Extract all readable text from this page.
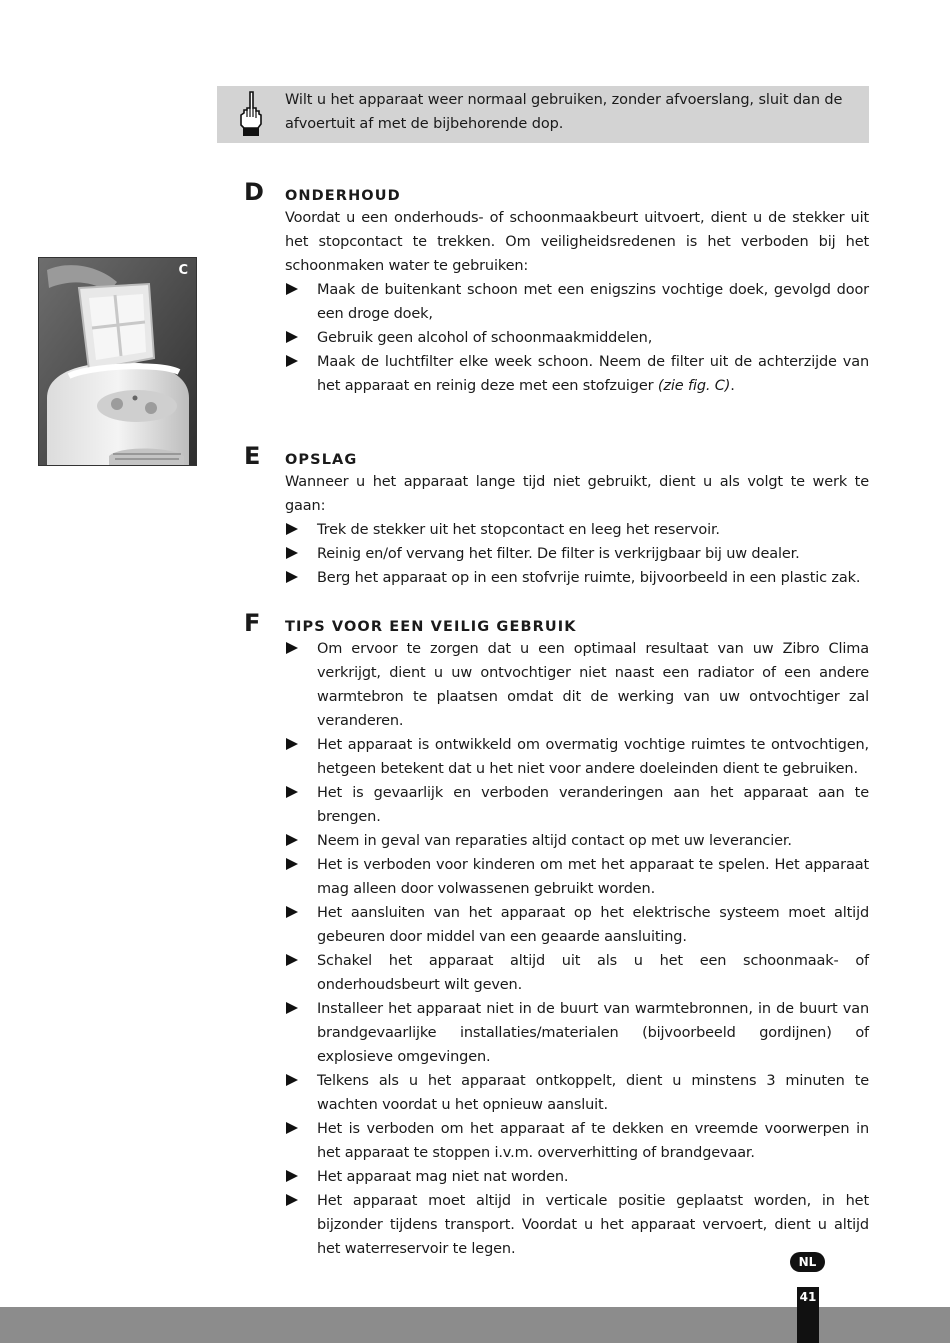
Wilt u het apparaat weer normaal gebruiken, zonder afvoerslang, sluit dan de afvoertuit af met de bijbehorende dop.
C
D ONDERHOUD

Voordat u een onderhouds- of schoonmaakbeurt uitvoert, dient u de stekker uit het stopcontact te trekken. Om veiligheidsredenen is het verboden bij het schoonmaken water te gebruiken:

Maak de buitenkant schoon met een enigszins vochtige doek, gevolgd door een droge doek,
Gebruik geen alcohol of schoonmaakmiddelen,
Maak de luchtfilter elke week schoon. Neem de filter uit de achterzijde van het apparaat en reinig deze met een stofzuiger (zie fig. C).
E OPSLAG

Wanneer u het apparaat lange tijd niet gebruikt, dient u als volgt te werk te gaan:

Trek de stekker uit het stopcontact en leeg het reservoir.
Reinig en/of vervang het filter. De filter is verkrijgbaar bij uw dealer.
Berg het apparaat op in een stofvrije ruimte, bijvoorbeeld in een plastic zak.
F TIPS VOOR EEN VEILIG GEBRUIK
Om ervoor te zorgen dat u een optimaal resultaat van uw Zibro Clima verkrijgt, dient u uw ontvochtiger niet naast een radiator of een andere warmtebron te plaatsen omdat dit de werking van uw ontvochtiger zal veranderen.
Het apparaat is ontwikkeld om overmatig vochtige ruimtes te ontvochtigen, hetgeen betekent dat u het niet voor andere doeleinden dient te gebruiken.
Het is gevaarlijk en verboden veranderingen aan het apparaat aan te brengen.
Neem in geval van reparaties altijd contact op met uw leverancier.
Het is verboden voor kinderen om met het apparaat te spelen. Het apparaat mag alleen door volwassenen gebruikt worden.
Het aansluiten van het apparaat op het elektrische systeem moet altijd gebeuren door middel van een geaarde aansluiting.
Schakel het apparaat altijd uit als u het een schoonmaak- of onderhoudsbeurt wilt geven.
Installeer het apparaat niet in de buurt van warmtebronnen, in de buurt van brandgevaarlijke installaties/materialen (bijvoorbeeld gordijnen) of explosieve omgevingen.
Telkens als u het apparaat ontkoppelt, dient u minstens 3 minuten te wachten voordat u het opnieuw aansluit.
Het is verboden om het apparaat af te dekken en vreemde voorwerpen in het apparaat te stoppen i.v.m. oververhitting of brandgevaar.
Het apparaat mag niet nat worden.
Het apparaat moet altijd in verticale positie geplaatst worden, in het bijzonder tijdens transport. Voordat u het apparaat vervoert, dient u altijd het waterreservoir te legen.
NL
41
